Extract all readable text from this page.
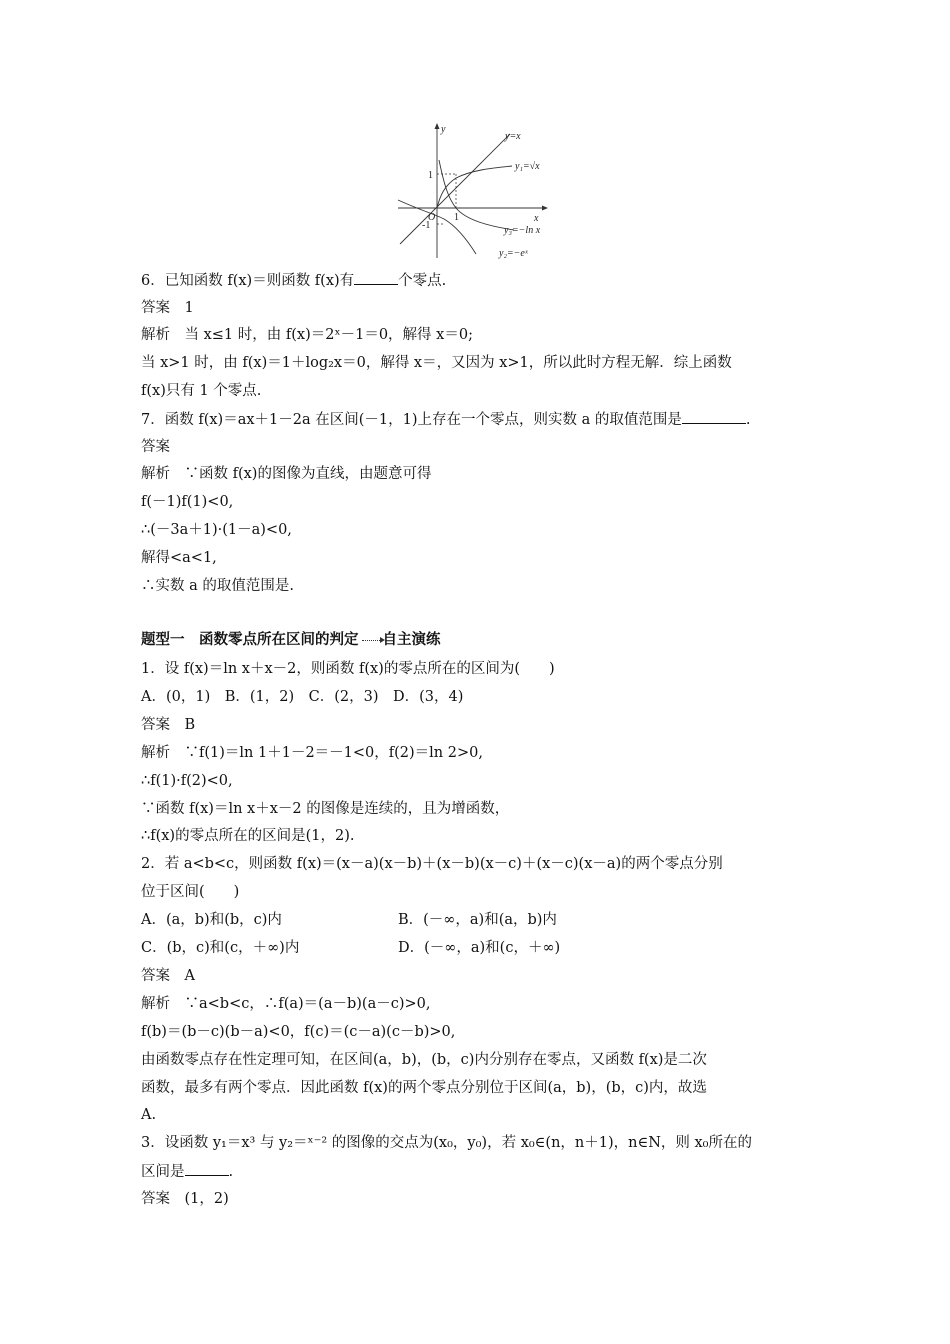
y
x
O
1
1
-1
y=x
y₁=√x
y₃=−ln x
y₂=−eˣ
6．已知函数 f(x)＝则函数 f(x)有	个零点.
答案　1
解析　当 x≤1 时，由 f(x)＝2ˣ－1＝0，解得 x＝0;
当 x>1 时，由 f(x)＝1＋log₂x＝0，解得 x＝，又因为 x>1，所以此时方程无解．综上函数
f(x)只有 1 个零点.
7．函数 f(x)＝ax＋1－2a 在区间(－1，1)上存在一个零点，则实数 a 的取值范围是	.
答案
解析　∵函数 f(x)的图像为直线，由题意可得
f(－1)f(1)<0,
∴(－3a＋1)·(1－a)<0,
解得<a<1,
∴实数 a 的取值范围是.
题型一　函数零点所在区间的判定 自主演练
1．设 f(x)＝ln x＋x－2，则函数 f(x)的零点所在的区间为(　　)
A．(0，1)　B．(1，2)　C．(2，3)　D．(3，4)
答案　B
解析　∵f(1)＝ln 1＋1－2＝－1<0，f(2)＝ln 2>0,
∴f(1)·f(2)<0,
∵函数 f(x)＝ln x＋x－2 的图像是连续的，且为增函数，
∴f(x)的零点所在的区间是(1，2).
2．若 a<b<c，则函数 f(x)＝(x－a)(x－b)＋(x－b)(x－c)＋(x－c)(x－a)的两个零点分别
位于区间(　　)
A．(a，b)和(b，c)内	B．(－∞，a)和(a，b)内
C．(b，c)和(c，＋∞)内	D．(－∞，a)和(c，＋∞)
答案　A
解析　∵a<b<c，∴f(a)＝(a－b)(a－c)>0,
f(b)＝(b－c)(b－a)<0，f(c)＝(c－a)(c－b)>0,
由函数零点存在性定理可知，在区间(a，b)，(b，c)内分别存在零点，又函数 f(x)是二次
函数，最多有两个零点．因此函数 f(x)的两个零点分别位于区间(a，b)，(b，c)内，故选
A.
3．设函数 y₁＝x³ 与 y₂＝ˣ⁻² 的图像的交点为(x₀，y₀)，若 x₀∈(n，n＋1)，n∈N，则 x₀所在的
区间是	.
答案　(1，2)
